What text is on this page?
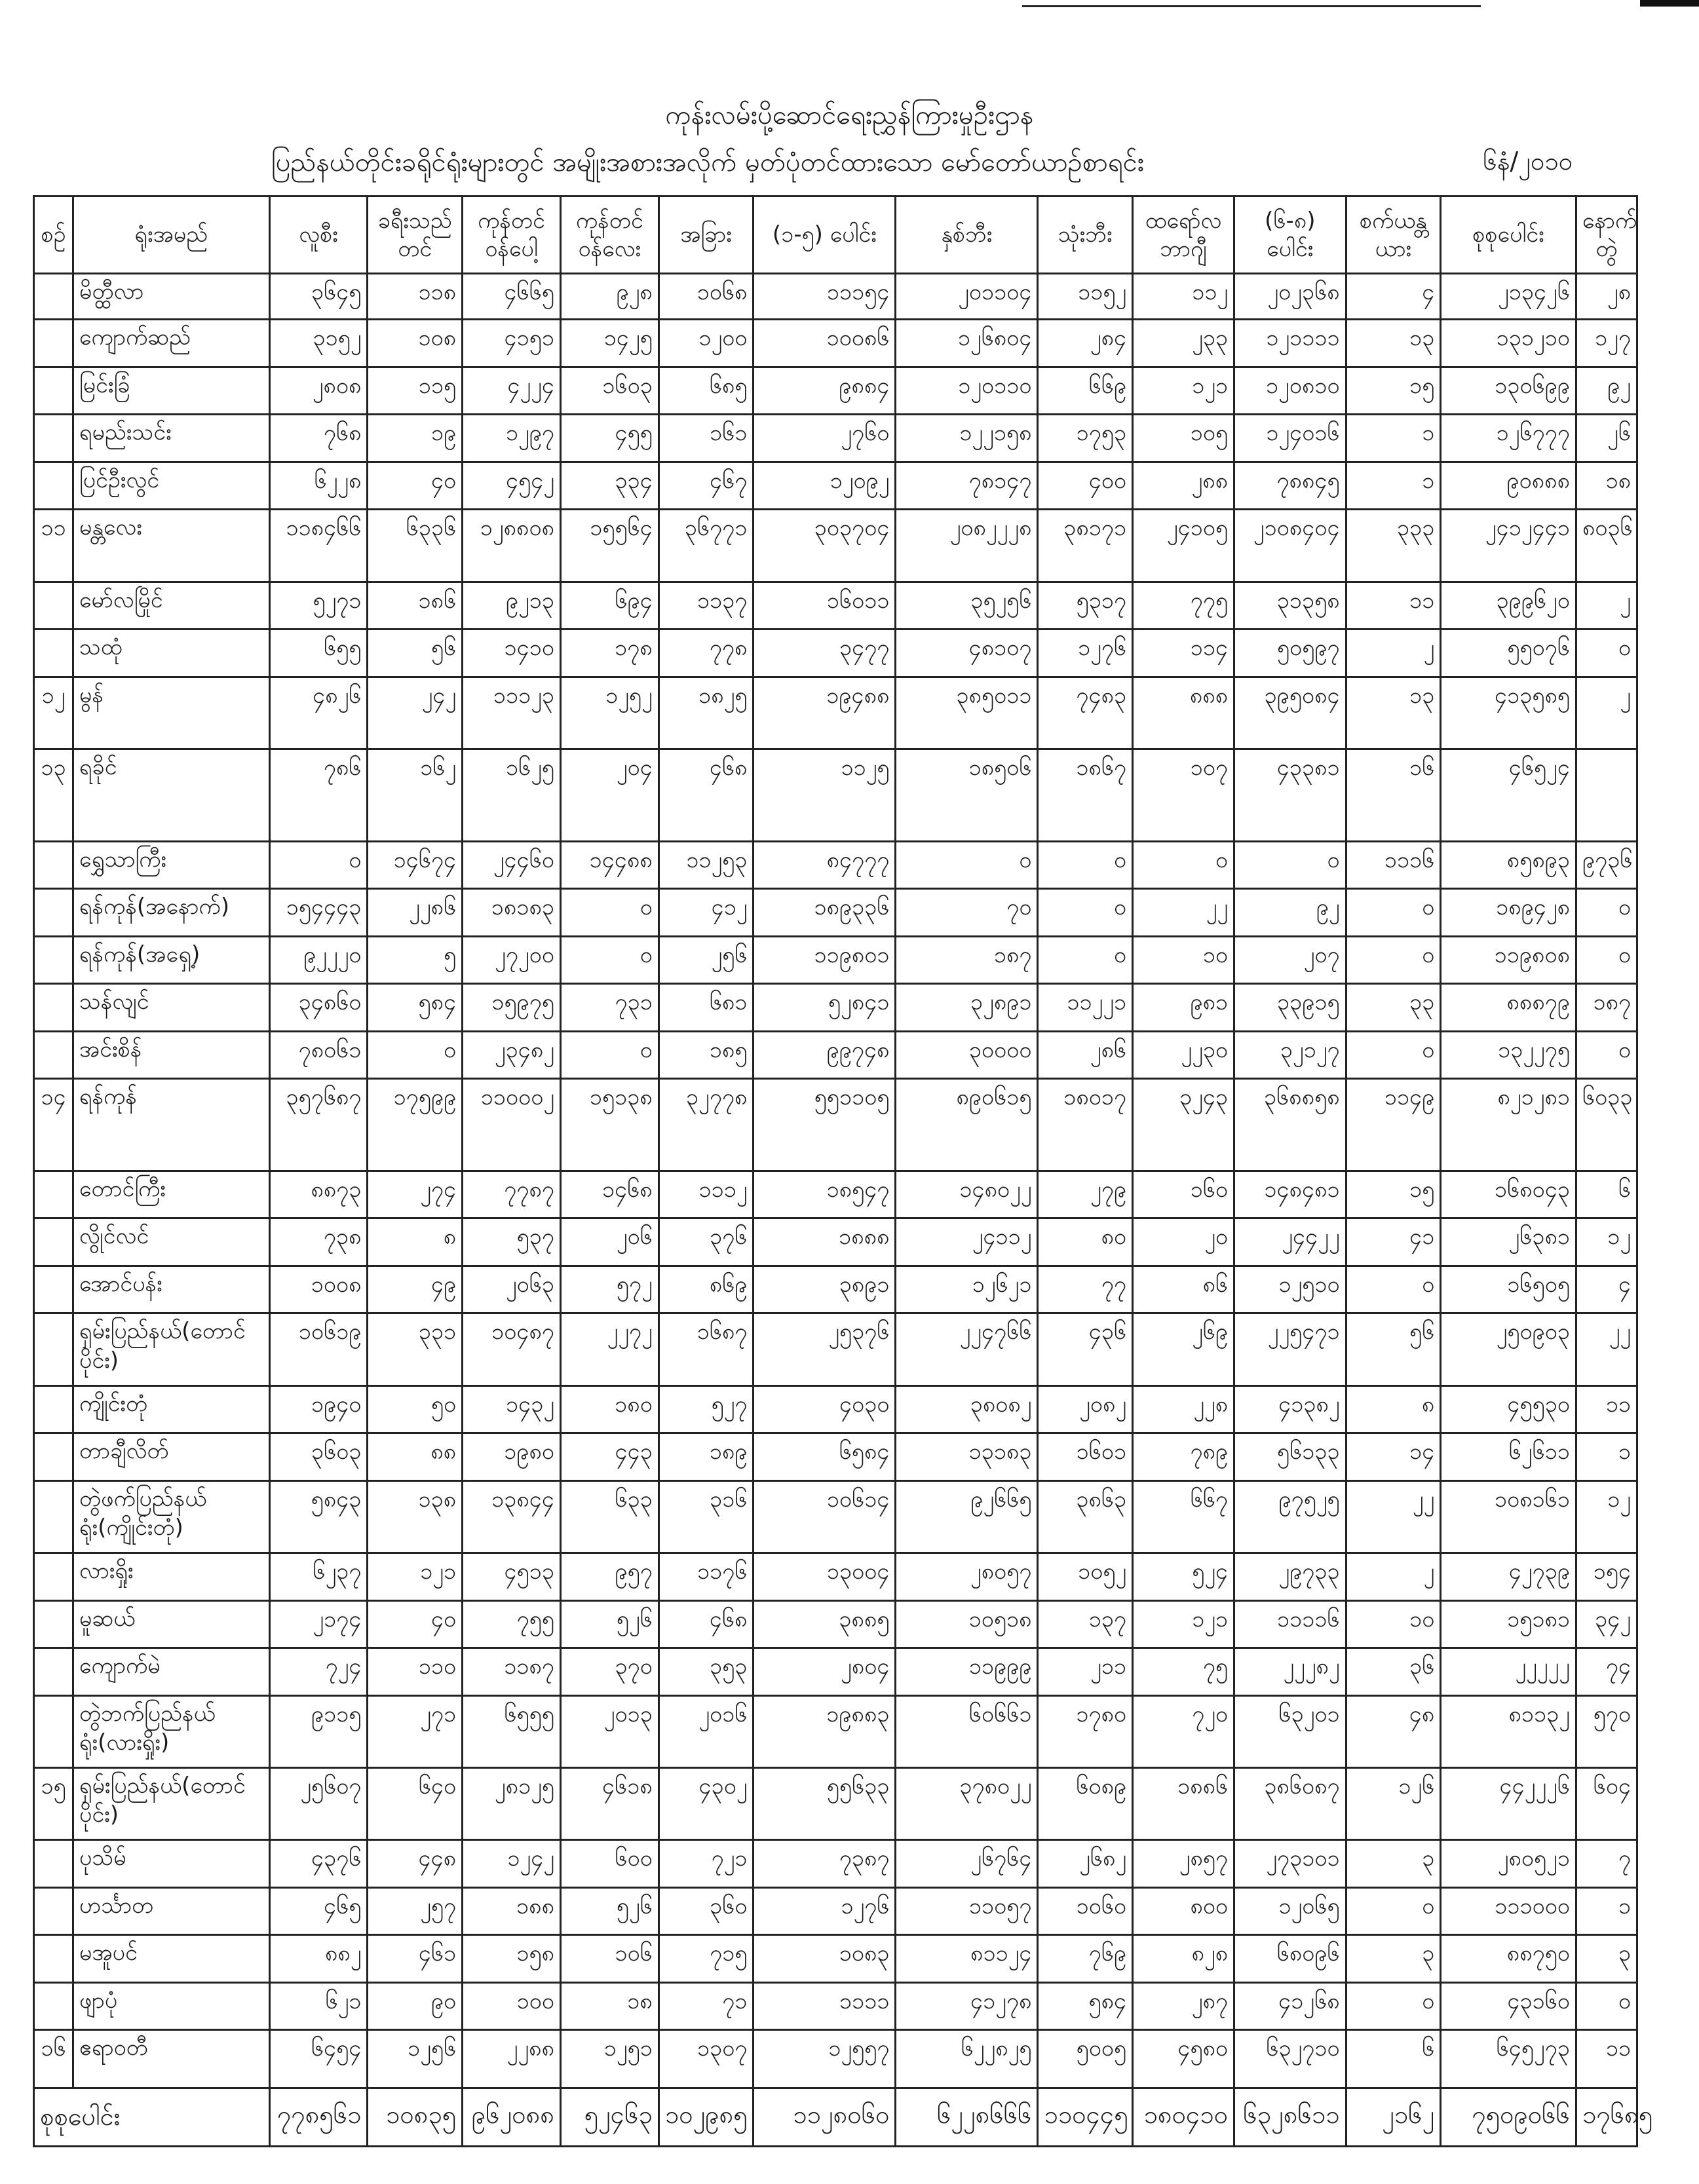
ကုန်းလမ်းပို့ဆောင်ရေးညွှန်ကြားမှုဦးဌာန
ပြည်နယ်တိုင်းခရိုင်ရုံးများတွင် အမျိုးအစားအလိုက် မှတ်ပုံတင်ထားသော မော်တော်ယာဉ်စာရင်း	၆နံ/၂၀၁၀
စဉ်	ရုံးအမည်	လူစီး	ခရီးသည်တင်	ကုန်တင်ဝန်ပေါ့	ကုန်တင်ဝန်လေး	အခြား	(၁-၅) ပေါင်း	နှစ်ဘီး	သုံးဘီး	ထရော်လဘာဂျီ	(၆-၈) ပေါင်း	စက်ယန္တယား	စုစုပေါင်း	နောက်တွဲ
	မိတ္ထီလာ	၃၆၄၅	၁၁၈	၄၆၆၅	၉၂၈	၁၀၆၈	၁၁၁၅၄	၂၀၁၁၀၄	၁၁၅၂	၁၁၂	၂၀၂၃၆၈	၄	၂၁၃၄၂၆	၂၈
	ကျောက်ဆည်	၃၁၅၂	၁၀၈	၄၁၅၁	၁၄၂၅	၁၂၀၀	၁၀၀၈၆	၁၂၆၈၀၄	၂၈၄	၂၃၃	၁၂၁၁၁၁	၁၃	၁၃၁၂၁၀	၁၂၇
	မြင်းခြံ	၂၈၀၈	၁၁၅	၄၂၂၄	၁၆၀၃	၆၈၅	၉၈၈၄	၁၂၀၁၁၀	၆၆၉	၁၂၁	၁၂၀၈၁၀	၁၅	၁၃၀၆၉၉	၉၂
	ရမည်းသင်း	၇၆၈	၁၉	၁၂၉၇	၄၅၅	၁၆၁	၂၇၆၀	၁၂၂၁၅၈	၁၇၅၃	၁၀၅	၁၂၄၀၁၆	၁	၁၂၆၇၇၇	၂၆
	ပြင်ဦးလွင်	၆၂၂၈	၄၀	၄၅၄၂	၃၃၄	၄၆၇	၁၂၀၉၂	၇၈၁၄၇	၄၀၀	၂၈၈	၇၈၈၄၅	၁	၉၀၈၈၈	၁၈
၁၁	မန္တလေး	၁၁၈၄၆၆	၆၃၃၆	၁၂၈၈၀၈	၁၅၅၆၄	၃၆၇၇၁	၃၀၃၇၀၄	၂၀၈၂၂၂၈	၃၈၁၇၁	၂၄၁၀၅	၂၁၀၈၄၀၄	၃၃၃	၂၄၁၂၄၄၁	၈၀၃၆
	မော်လမြိုင်	၅၂၇၁	၁၈၆	၉၂၁၃	၆၉၄	၁၁၃၇	၁၆၀၁၁	၃၅၂၅၆	၅၃၁၇	၇၇၅	၃၁၃၅၈	၁၁	၃၉၉၆၂၀	၂
	သထုံ	၆၅၅	၅၆	၁၄၁၀	၁၇၈	၇၇၈	၃၄၇၇	၄၈၁၀၇	၁၂၇၆	၁၁၄	၅၀၅၉၇	၂	၅၅၀၇၆	၀
၁၂	မွန်	၄၈၂၆	၂၄၂	၁၁၁၂၃	၁၂၅၂	၁၈၂၅	၁၉၄၈၈	၃၈၅၀၁၁	၇၄၈၃	၈၈၈	၃၉၅၀၈၄	၁၃	၄၁၃၅၈၅	၂
၁၃	ရခိုင်	၇၈၆	၁၆၂	၁၆၂၅	၂၀၄	၄၆၈	၁၁၂၅	၁၈၅၀၆	၁၈၆၇	၁၀၇	၄၃၃၈၁	၁၆	၄၆၅၂၄	
	ရွှေသာကြီး	၀	၁၄၆၇၄	၂၄၄၆၀	၁၄၄၈၈	၁၁၂၅၃	၈၄၇၇၇	၀	၀	၀	၀	၁၁၁၆	၈၅၈၉၃	၉၇၃၆
	ရန်ကုန်(အနောက်)	၁၅၄၄၄၃	၂၂၈၆	၁၈၁၈၃	၀	၄၁၂	၁၈၉၃၃၆	၇၀	၀	၂၂	၉၂	၀	၁၈၉၄၂၈	၀
	ရန်ကုန်(အရှေ့)	၉၂၂၂၀	၅	၂၇၂၀၀	၀	၂၅၆	၁၁၉၈၀၁	၁၈၇	၀	၁၀	၂၀၇	၀	၁၁၉၈၀၈	၀
	သန်လျင်	၃၄၈၆၀	၅၈၄	၁၅၉၇၅	၇၃၁	၆၈၁	၅၂၈၄၁	၃၂၈၉၁	၁၁၂၂၁	၉၈၁	၃၃၉၁၅	၃၃	၈၈၈၇၉	၁၈၇
	အင်းစိန်	၇၈၀၆၁	၀	၂၃၄၈၂	၀	၁၈၅	၉၉၇၄၈	၃၀၀၀၀	၂၈၆	၂၂၃၀	၃၂၁၂၇	၀	၁၃၂၂၇၅	၀
၁၄	ရန်ကုန်	၃၅၇၆၈၇	၁၇၅၉၉	၁၁၀၀၀၂	၁၅၁၃၈	၃၂၇၇၈	၅၅၁၁၀၅	၈၉၀၆၁၅	၁၈၀၁၇	၃၂၄၃	၃၆၈၈၅၈	၁၁၄၉	၈၂၁၂၈၁	၆၀၃၃
	တောင်ကြီး	၈၈၇၃	၂၇၄	၇၇၈၇	၁၄၆၈	၁၁၁၂	၁၈၅၄၇	၁၄၈၀၂၂	၂၇၉	၁၆၀	၁၄၈၄၈၁	၁၅	၁၆၈၀၄၃	၆
	လွိုင်လင်	၇၃၈	၈	၅၃၇	၂၀၆	၃၇၆	၁၈၈၈	၂၄၁၁၂	၈၀	၂၀	၂၄၄၂၂	၄၁	၂၆၃၈၁	၁၂
	အောင်ပန်း	၁၀၀၈	၄၉	၂၀၆၃	၅၇၂	၈၆၉	၃၈၉၁	၁၂၆၂၁	၇၇	၈၆	၁၂၅၁၀	၀	၁၆၅၀၅	၄
	ရှမ်းပြည်နယ်(တောင်ပိုင်း)	၁၀၆၁၉	၃၃၁	၁၀၄၈၇	၂၂၇၂	၁၆၈၇	၂၅၃၇၆	၂၂၄၇၆၆	၄၃၆	၂၆၉	၂၂၅၄၇၁	၅၆	၂၅၀၉၀၃	၂၂
	ကျိုင်းတုံ	၁၉၄၀	၅၀	၁၄၃၂	၁၈၀	၅၂၇	၄၀၃၀	၃၈၀၈၂	၂၀၈၂	၂၂၈	၄၁၃၈၂	၈	၄၅၅၃၀	၁၁
	တာချီလိတ်	၃၆၀၃	၈၈	၁၉၈၀	၄၄၃	၁၈၉	၆၅၈၄	၁၃၁၈၃	၁၆၀၁	၇၈၉	၅၆၁၃၃	၁၄	၆၂၆၁၁	၁
	တွဲဖက်ပြည်နယ်ရုံး(ကျိုင်းတုံ)	၅၈၄၃	၁၃၈	၁၃၈၄၄	၆၃၃	၃၁၆	၁၀၆၁၄	၉၂၆၆၅	၃၈၆၃	၆၆၇	၉၇၅၂၅	၂၂	၁၀၈၁၆၁	၁၂
	လားရှိုး	၆၂၃၇	၁၂၁	၄၅၁၃	၉၅၇	၁၁၇၆	၁၃၀၀၄	၂၈၀၅၇	၁၀၅၂	၅၂၄	၂၉၇၃၃	၂	၄၂၇၃၉	၁၅၄
	မူဆယ်	၂၁၇၄	၄၀	၇၅၅	၅၂၆	၄၆၈	၃၈၈၅	၁၀၅၁၈	၁၃၇	၁၂၁	၁၁၁၁၆	၁၀	၁၅၁၈၁	၃၄၂
	ကျောက်မဲ	၇၂၄	၁၁၀	၁၁၈၇	၃၇၀	၃၅၃	၂၈၀၄	၁၁၉၉၉	၂၁၁	၇၅	၂၂၂၈၂	၃၆	၂၂၂၂၂	၇၄
	တွဲဘက်ပြည်နယ်ရုံး(လားရှိုး)	၉၁၁၅	၂၇၁	၆၅၅၅	၂၀၁၃	၂၀၁၆	၁၉၈၈၃	၆၀၆၆၁	၁၇၈၀	၇၂၀	၆၃၂၀၁	၄၈	၈၁၁၃၂	၅၇၀
၁၅	ရှမ်းပြည်နယ်(တောင်ပိုင်း)	၂၅၆၀၇	၆၄၀	၂၈၁၂၅	၄၆၁၈	၄၃၀၂	၅၅၆၃၃	၃၇၈၀၂၂	၆၀၈၉	၁၈၈၆	၃၈၆၀၈၇	၁၂၆	၄၄၂၂၂၆	၆၀၄
	ပုသိမ်	၄၃၇၆	၄၄၈	၁၂၄၂	၆၀၀	၇၂၁	၇၃၈၇	၂၆၇၆၄	၂၆၈၂	၂၈၅၇	၂၇၃၁၀၁	၃	၂၈၀၅၂၁	၇
	ဟင်္သာတ	၄၆၅	၂၅၇	၁၈၈	၅၂၆	၃၆၀	၁၂၇၆	၁၁၀၅၇	၁၀၆၀	၈၀၀	၁၂၀၆၅	၀	၁၁၁၀၀၀	၁
	မအူပင်	၈၈၂	၄၆၁	၁၅၈	၁၀၆	၇၁၅	၁၀၈၃	၈၁၁၂၄	၇၆၉	၈၂၈	၆၈၀၉၆	၃	၈၈၇၅၀	၃
	ဖျာပုံ	၆၂၁	၉၀	၁၀၀	၁၈	၇၁	၁၁၁၁	၄၁၂၇၈	၅၈၄	၂၈၇	၄၁၂၆၈	၀	၄၃၁၆၀	၀
၁၆	ဧရာဝတီ	၆၄၅၄	၁၂၅၆	၂၂၈၈	၁၂၅၁	၁၃၀၇	၁၂၅၅၇	၆၂၂၈၂၅	၅၀၀၅	၄၅၈၀	၆၃၂၇၁၀	၆	၆၄၅၂၇၃	၁၁
စုစုပေါင်း		၇၇၈၅၆၁	၁၀၈၃၅	၉၆၂၀၈၈	၅၂၄၆၃	၁၀၂၉၈၅	၁၁၂၈၀၆၀	၆၂၂၈၆၆၆	၁၁၀၄၄၅	၁၈၀၄၁၀	၆၃၂၈၆၁၁	၂၁၆၂	၇၅၀၉၀၆၆	၁၇၆၈၅
